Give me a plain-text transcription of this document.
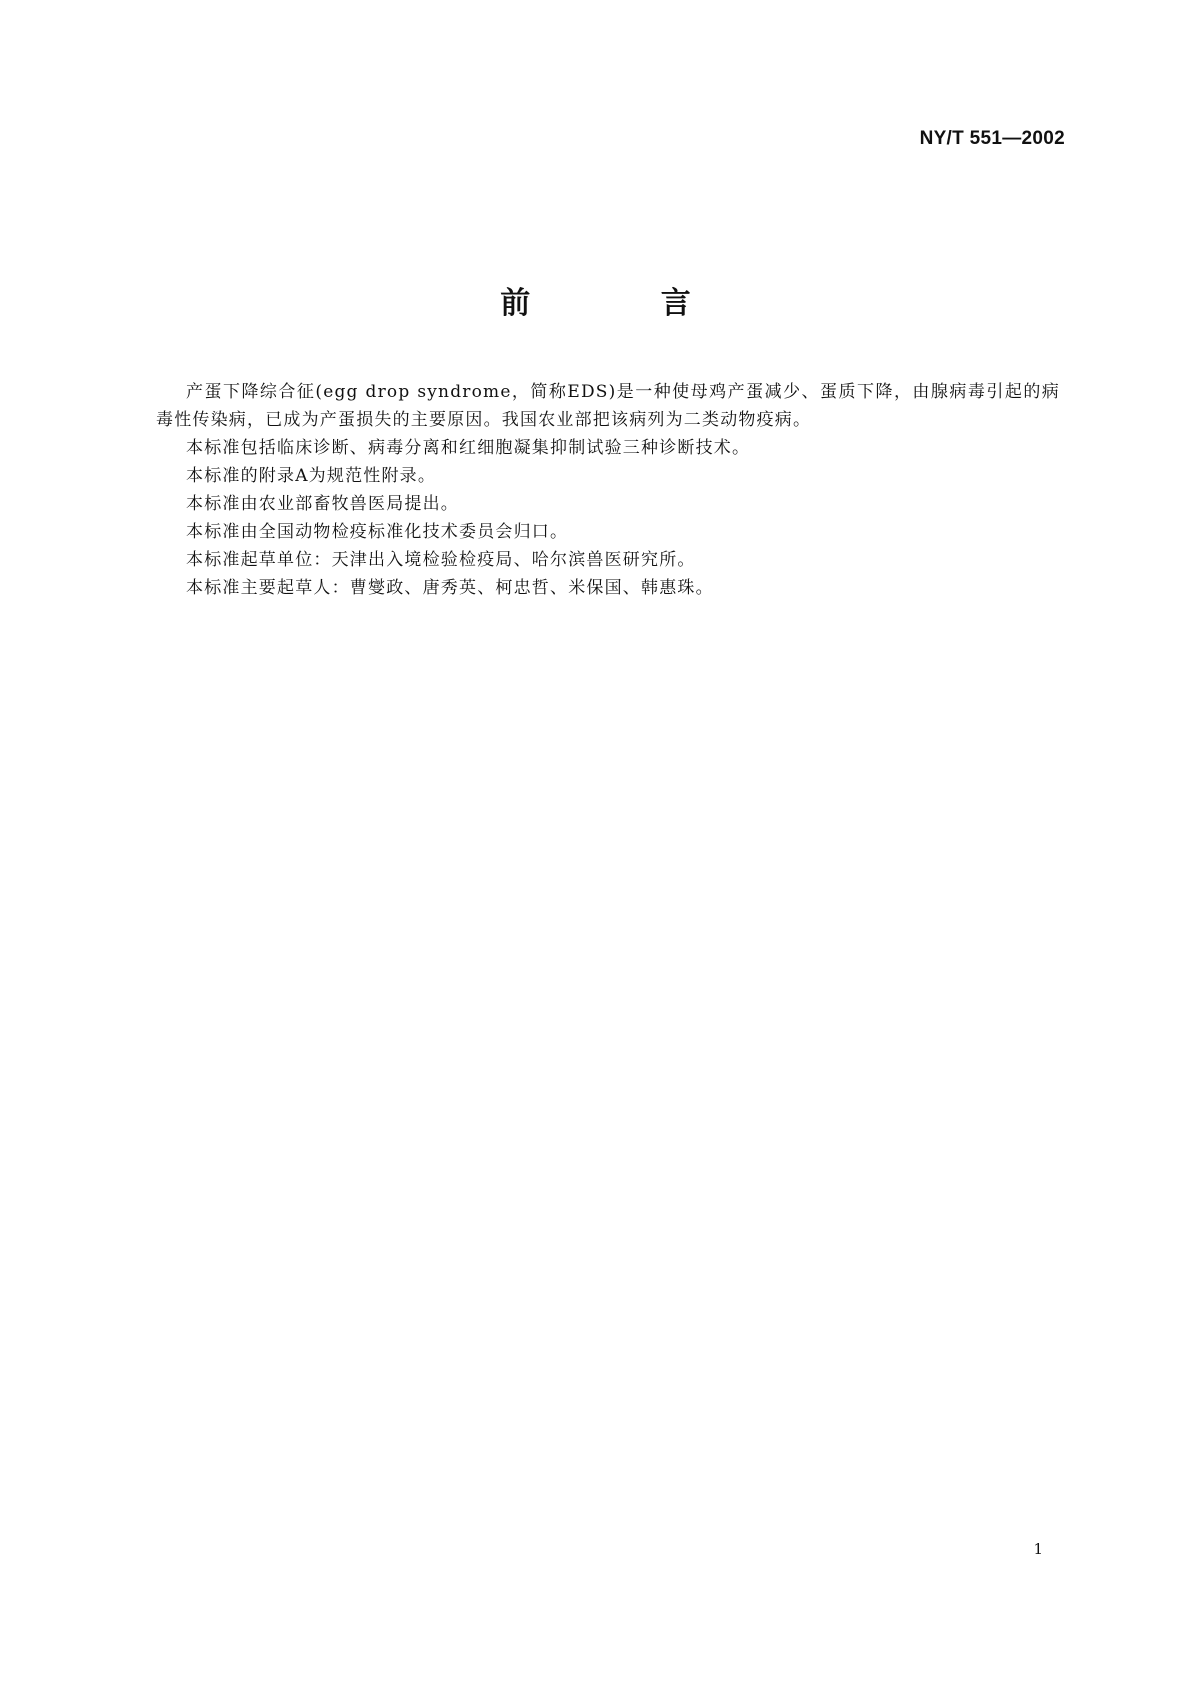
NY/T 551—2002
前 言

产蛋下降综合征(egg drop syndrome，简称EDS)是一种使母鸡产蛋减少、蛋质下降，由腺病毒引起的病毒性传染病，已成为产蛋损失的主要原因。我国农业部把该病列为二类动物疫病。

本标准包括临床诊断、病毒分离和红细胞凝集抑制试验三种诊断技术。

本标准的附录A为规范性附录。

本标准由农业部畜牧兽医局提出。

本标准由全国动物检疫标准化技术委员会归口。

本标准起草单位：天津出入境检验检疫局、哈尔滨兽医研究所。

本标准主要起草人：曹燮政、唐秀英、柯忠哲、米保国、韩惠珠。

1
